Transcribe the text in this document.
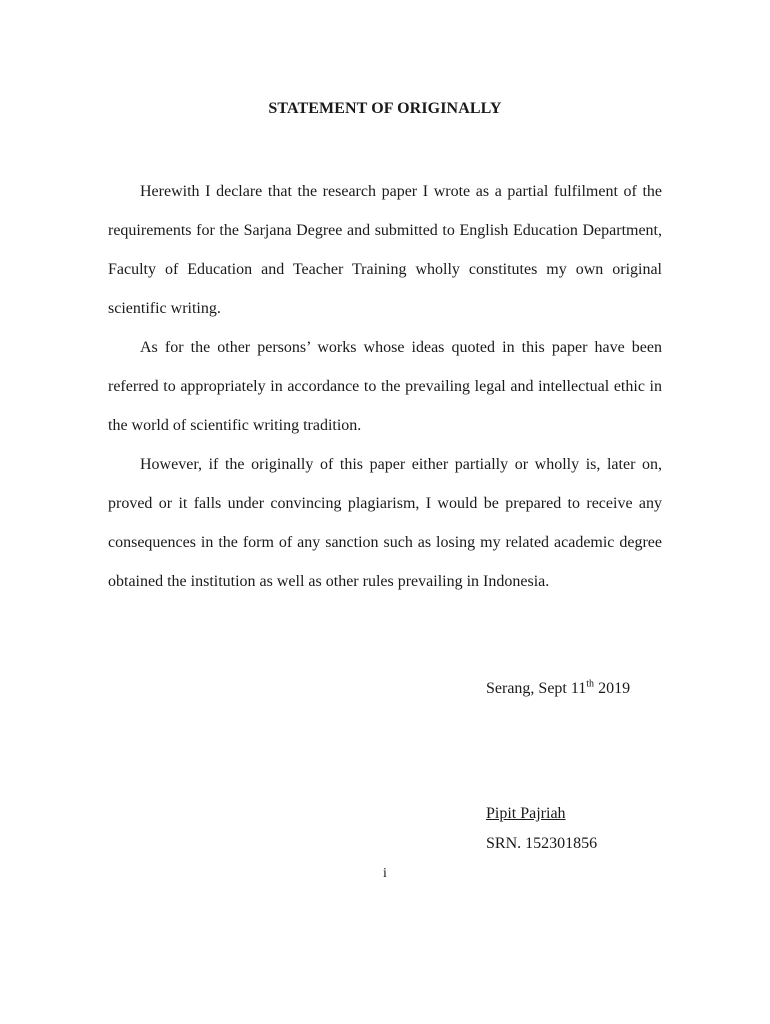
STATEMENT OF ORIGINALLY

Herewith I declare that the research paper I wrote as a partial fulfilment of the requirements for the Sarjana Degree and submitted to English Education Department, Faculty of Education and Teacher Training wholly constitutes my own original scientific writing.

As for the other persons’ works whose ideas quoted in this paper have been referred to appropriately in accordance to the prevailing legal and intellectual ethic in the world of scientific writing tradition.

However, if the originally of this paper either partially or wholly is, later on, proved or it falls under convincing plagiarism, I would be prepared to receive any consequences in the form of any sanction such as losing my related academic degree obtained the institution as well as other rules prevailing in Indonesia.

Serang, Sept 11th 2019
Pipit Pajriah
SRN. 152301856
i
